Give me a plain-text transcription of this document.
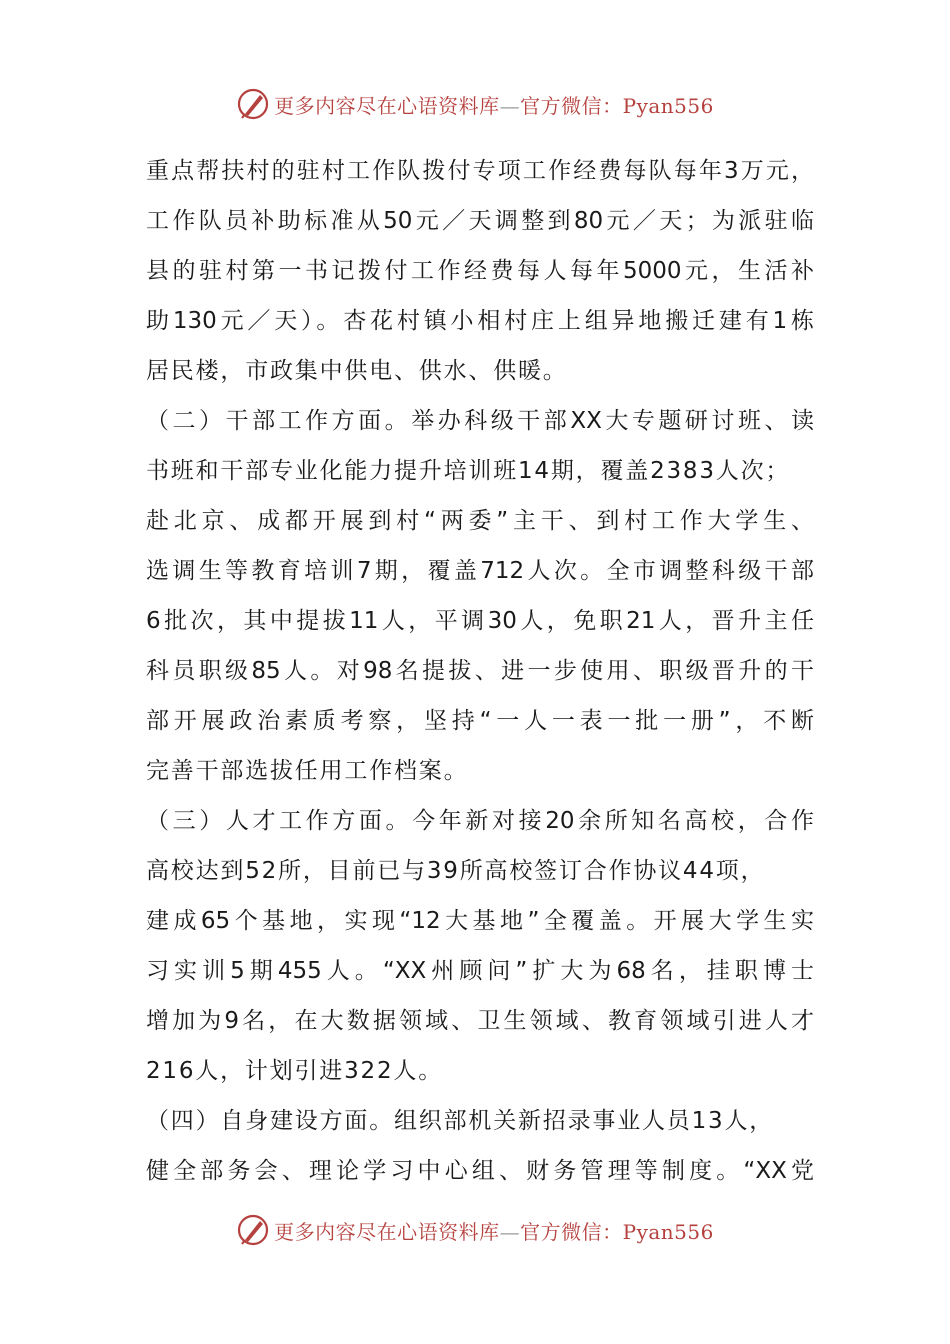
更多内容尽在心语资料库—官方微信：Pyan556
重点帮扶村的驻村工作队拨付专项工作经费每队每年3万元，
工作队员补助标准从50元／天调整到80元／天；为派驻临
县的驻村第一书记拨付工作经费每人每年5000元，生活补
助130元／天）。杏花村镇小相村庄上组异地搬迁建有1栋
居民楼，市政集中供电、供水、供暖。
（二）干部工作方面。举办科级干部XX大专题研讨班、读
书班和干部专业化能力提升培训班14期，覆盖2383人次；
赴北京、成都开展到村“两委”主干、到村工作大学生、
选调生等教育培训7期，覆盖712人次。全市调整科级干部
6批次，其中提拔11人，平调30人，免职21人，晋升主任
科员职级85人。对98名提拔、进一步使用、职级晋升的干
部开展政治素质考察，坚持“一人一表一批一册”，不断
完善干部选拔任用工作档案。
（三）人才工作方面。今年新对接20余所知名高校，合作
高校达到52所，目前已与39所高校签订合作协议44项，
建成65个基地，实现“12大基地”全覆盖。开展大学生实
习实训5期455人。“XX州顾问”扩大为68名，挂职博士
增加为9名，在大数据领域、卫生领域、教育领域引进人才
216人，计划引进322人。
（四）自身建设方面。组织部机关新招录事业人员13人，
健全部务会、理论学习中心组、财务管理等制度。“XX党
更多内容尽在心语资料库—官方微信：Pyan556
